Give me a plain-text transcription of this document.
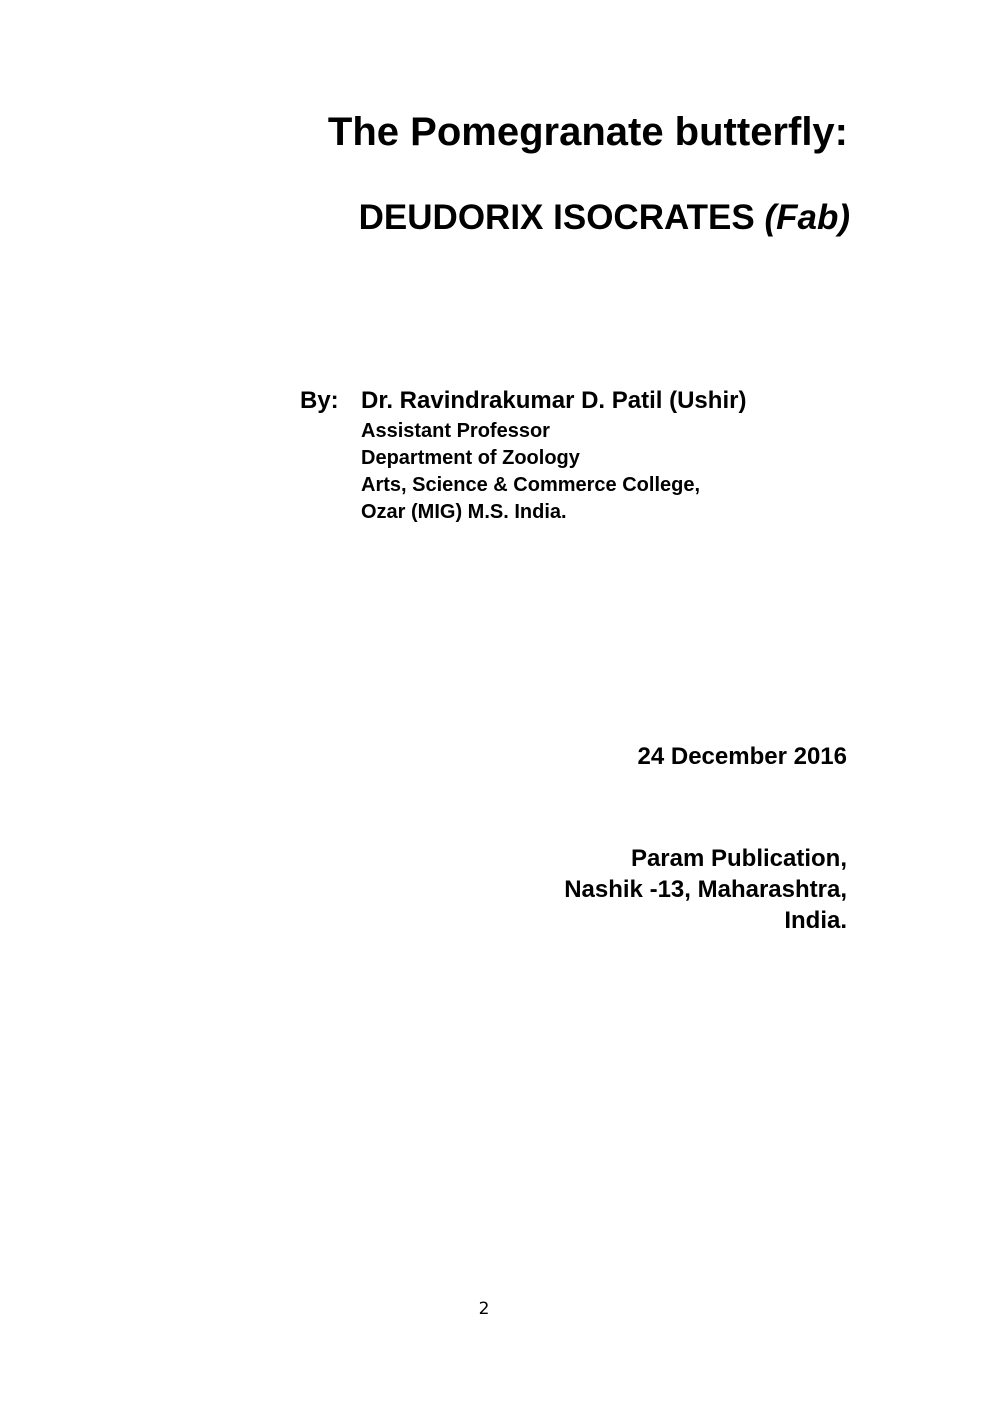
The Pomegranate butterfly:
DEUDORIX ISOCRATES (Fab)
By: Dr. Ravindrakumar D. Patil (Ushir)
Assistant Professor
Department of Zoology
Arts, Science & Commerce College,
Ozar (MIG) M.S. India.
24 December 2016
Param Publication,
Nashik -13, Maharashtra,
India.
2
